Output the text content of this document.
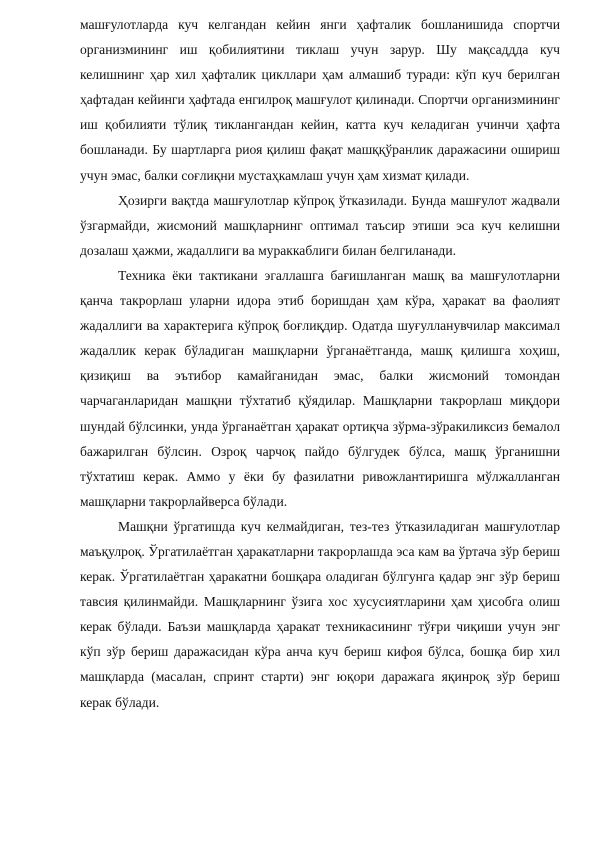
машғулотларда куч келгандан кейин янги ҳафталик бошланишида спортчи организмининг иш қобилиятини тиклаш учун зарур. Шу мақсаддда куч келишнинг ҳар хил ҳафталик цикллари ҳам алмашиб туради: кўп куч берилган ҳафтадан кейинги ҳафтада енгилроқ машғулот қилинади. Спортчи организмининг иш қобилияти тўлиқ тиклангандан кейин, катта куч келадиган учинчи ҳафта бошланади. Бу шартларга риоя қилиш фақат машққўранлик даражасини ошириш учун эмас, балки соғлиқни мустаҳкамлаш учун ҳам хизмат қилади.

Ҳозирги вақтда машғулотлар кўпроқ ўтказилади. Бунда машғулот жадвали ўзгармайди, жисмоний машқларнинг оптимал таъсир этиши эса куч келишни дозалаш ҳажми, жадаллиги ва мураккаблиги билан белгиланади.

Техника ёки тактикани эгаллашга бағишланган машқ ва машғулотларни қанча такрорлаш уларни идора этиб боришдан ҳам кўра, ҳаракат ва фаолият жадаллиги ва характерига кўпроқ боғлиқдир. Одатда шуғулланувчилар максимал жадаллик керак бўладиган машқларни ўрганаётганда, машқ қилишга хоҳиш, қизиқиш ва эътибор камайганидан эмас, балки жисмоний томондан чарчаганларидан машқни тўхтатиб қўядилар. Машқларни такрорлаш миқдори шундай бўлсинки, унда ўрганаётган ҳаракат ортиқча зўрма-зўракиликсиз бемалол бажарилган бўлсин. Озроқ чарчоқ пайдо бўлгудек бўлса, машқ ўрганишни тўхтатиш керак. Аммо у ёки бу фазилатни ривожлантиришга мўлжалланган машқларни такрорлайверса бўлади.

Машқни ўргатишда куч келмайдиган, тез-тез ўтказиладиган машғулотлар маъқулроқ. Ўргатилаётган ҳаракатларни такрорлашда эса кам ва ўртача зўр бериш керак. Ўргатилаётган ҳаракатни бошқара оладиган бўлгунга қадар энг зўр бериш тавсия қилинмайди. Машқларнинг ўзига хос хусусиятларини ҳам ҳисобга олиш керак бўлади. Баъзи машқларда ҳаракат техникасининг тўғри чиқиши учун энг кўп зўр бериш даражасидан кўра анча куч бериш кифоя бўлса, бошқа бир хил машқларда (масалан, спринт старти) энг юқори даражага яқинроқ зўр бериш керак бўлади.
